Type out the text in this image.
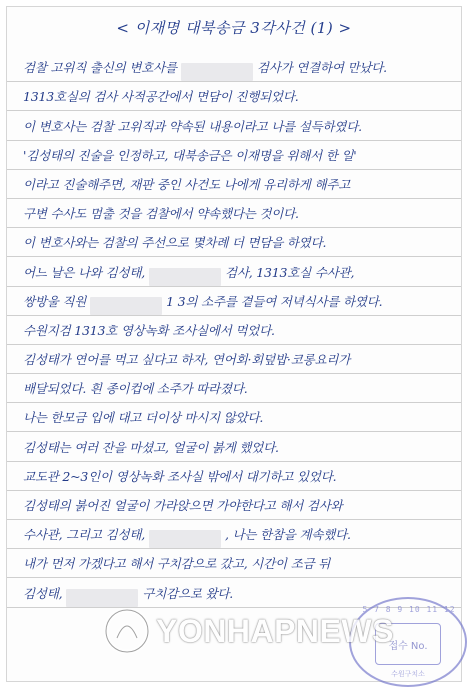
< 이재명 대북송금 3각사건 (1) >
검찰 고위직 출신의 변호사를	검사가 연결하여 만났다.
1313호실의 검사 사적공간에서 면담이 진행되었다.
이 변호사는 검찰 고위직과 약속된 내용이라고 나를 설득하였다.
'김성태의 진술을 인정하고, 대북송금은 이재명을 위해서 한 일'
이라고 진술해주면, 재판 중인 사건도 나에게 유리하게 해주고
구변 수사도 멈출 것을 검찰에서 약속했다는 것이다.
이 변호사와는 검찰의 주선으로 몇차례 더 면담을 하였다.
어느 날은 나와 김성태,	검사, 1313호실 수사관,
쌍방울 직원	1 3의 소주를 곁들여 저녁식사를 하였다.
수원지검 1313호 영상녹화 조사실에서 먹었다.
김성태가 연어를 먹고 싶다고 하자, 연어회·회덮밥·코롱요리가
배달되었다. 흰 종이컵에 소주가 따라졌다.
나는 한모금 입에 대고 더이상 마시지 않았다.
김성태는 여러 잔을 마셨고, 얼굴이 붉게 했었다.
교도관 2~3인이 영상녹화 조사실 밖에서 대기하고 있었다.
김성태의 붉어진 얼굴이 가라앉으면 가야한다고 해서 검사와
수사관, 그리고 김성태,	, 나는 한참을 계속했다.
내가 먼저 가겠다고 해서 구치감으로 갔고, 시간이 조금 뒤
김성태,	구치감으로 왔다.
5 7 8 9 10 11 12
접수 No.
수원구치소
YONHAPNEWS
